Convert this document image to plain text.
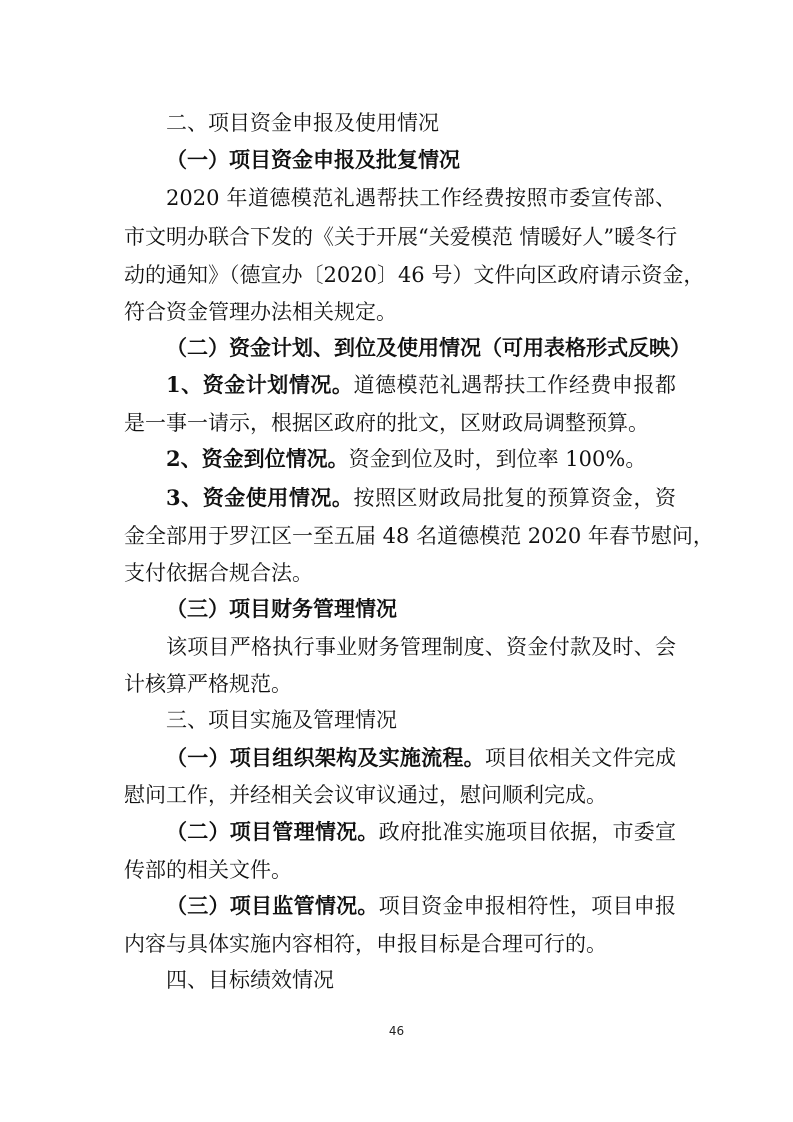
二、项目资金申报及使用情况
（一）项目资金申报及批复情况
2020 年道德模范礼遇帮扶工作经费按照市委宣传部、
市文明办联合下发的《关于开展“关爱模范 情暖好人”暖冬行
动的通知》（德宣办〔2020〕46 号）文件向区政府请示资金，
符合资金管理办法相关规定。
（二）资金计划、到位及使用情况（可用表格形式反映）
1、资金计划情况。道德模范礼遇帮扶工作经费申报都
是一事一请示，根据区政府的批文，区财政局调整预算。
2、资金到位情况。资金到位及时，到位率 100%。
3、资金使用情况。按照区财政局批复的预算资金，资
金全部用于罗江区一至五届 48 名道德模范 2020 年春节慰问，
支付依据合规合法。
（三）项目财务管理情况
该项目严格执行事业财务管理制度、资金付款及时、会
计核算严格规范。
三、项目实施及管理情况
（一）项目组织架构及实施流程。项目依相关文件完成
慰问工作，并经相关会议审议通过，慰问顺利完成。
（二）项目管理情况。政府批准实施项目依据，市委宣
传部的相关文件。
（三）项目监管情况。项目资金申报相符性，项目申报
内容与具体实施内容相符，申报目标是合理可行的。
四、目标绩效情况
46
